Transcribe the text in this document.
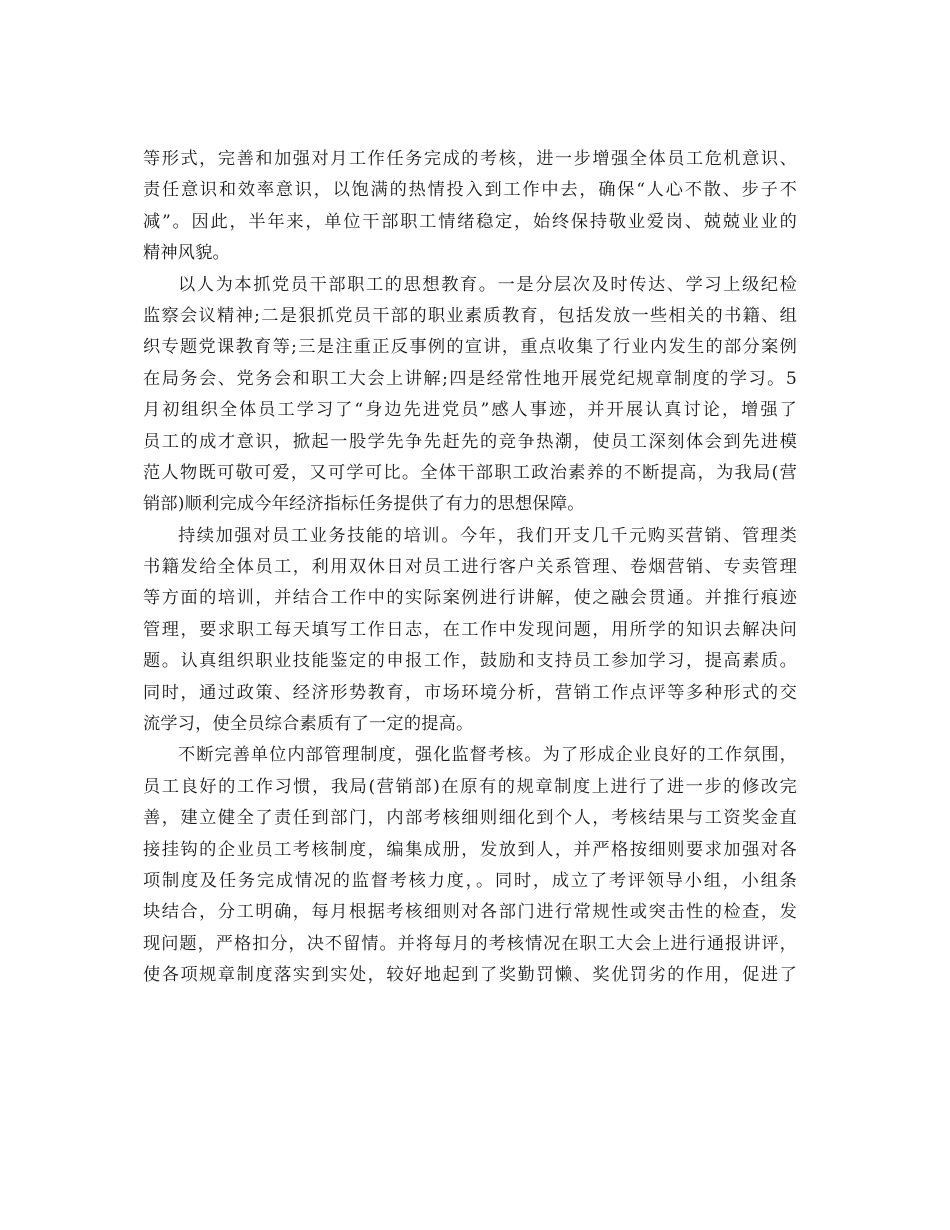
等形式，完善和加强对月工作任务完成的考核，进一步增强全体员工危机意识、
责任意识和效率意识，以饱满的热情投入到工作中去，确保“人心不散、步子不
减”。因此，半年来，单位干部职工情绪稳定，始终保持敬业爱岗、兢兢业业的
精神风貌。
以人为本抓党员干部职工的思想教育。一是分层次及时传达、学习上级纪检
监察会议精神;二是狠抓党员干部的职业素质教育，包括发放一些相关的书籍、组
织专题党课教育等;三是注重正反事例的宣讲，重点收集了行业内发生的部分案例
在局务会、党务会和职工大会上讲解;四是经常性地开展党纪规章制度的学习。5
月初组织全体员工学习了“身边先进党员”感人事迹，并开展认真讨论，增强了
员工的成才意识，掀起一股学先争先赶先的竞争热潮，使员工深刻体会到先进模
范人物既可敬可爱，又可学可比。全体干部职工政治素养的不断提高，为我局(营
销部)顺利完成今年经济指标任务提供了有力的思想保障。
持续加强对员工业务技能的培训。今年，我们开支几千元购买营销、管理类
书籍发给全体员工，利用双休日对员工进行客户关系管理、卷烟营销、专卖管理
等方面的培训，并结合工作中的实际案例进行讲解，使之融会贯通。并推行痕迹
管理，要求职工每天填写工作日志，在工作中发现问题，用所学的知识去解决问
题。认真组织职业技能鉴定的申报工作，鼓励和支持员工参加学习，提高素质。
同时，通过政策、经济形势教育，市场环境分析，营销工作点评等多种形式的交
流学习，使全员综合素质有了一定的提高。
不断完善单位内部管理制度，强化监督考核。为了形成企业良好的工作氛围，
员工良好的工作习惯，我局(营销部)在原有的规章制度上进行了进一步的修改完
善，建立健全了责任到部门，内部考核细则细化到个人，考核结果与工资奖金直
接挂钩的企业员工考核制度，编集成册，发放到人，并严格按细则要求加强对各
项制度及任务完成情况的监督考核力度，。同时，成立了考评领导小组，小组条
块结合，分工明确，每月根据考核细则对各部门进行常规性或突击性的检查，发
现问题，严格扣分，决不留情。并将每月的考核情况在职工大会上进行通报讲评，
使各项规章制度落实到实处，较好地起到了奖勤罚懒、奖优罚劣的作用，促进了
